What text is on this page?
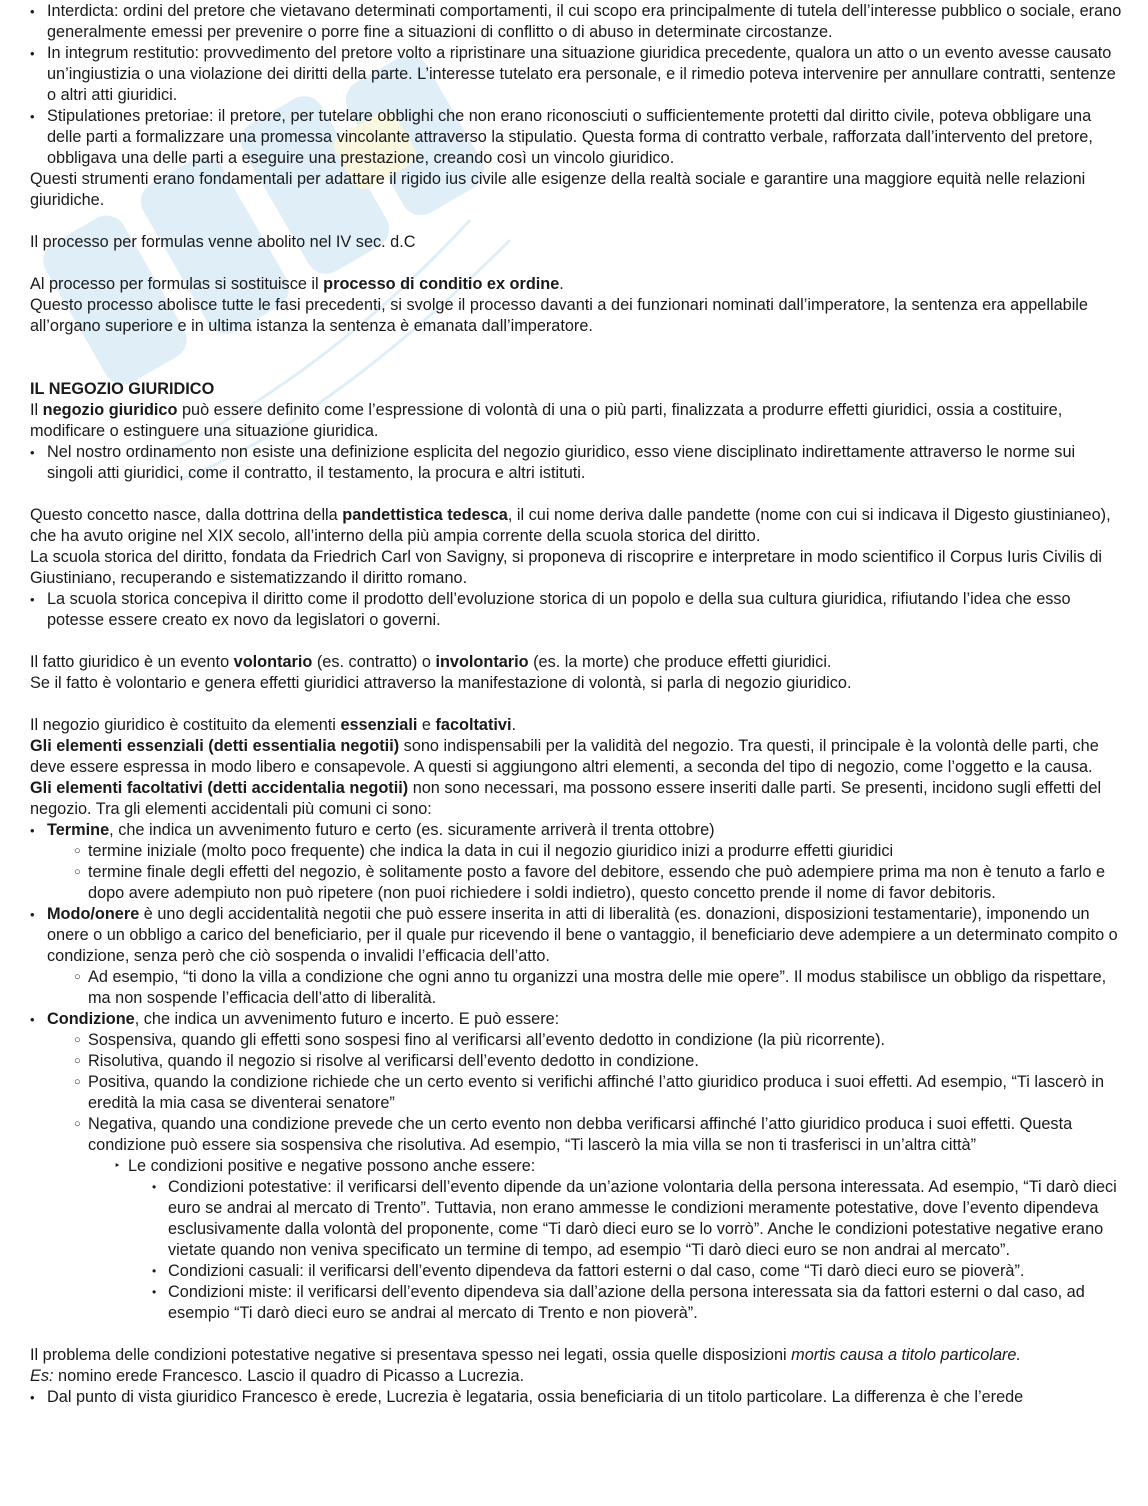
• Interdicta: ordini del pretore che vietavano determinati comportamenti, il cui scopo era principalmente di tutela dell’interesse pubblico o sociale, erano generalmente emessi per prevenire o porre fine a situazioni di conflitto o di abuso in determinate circostanze.
• In integrum restitutio: provvedimento del pretore volto a ripristinare una situazione giuridica precedente, qualora un atto o un evento avesse causato un’ingiustizia o una violazione dei diritti della parte. L’interesse tutelato era personale, e il rimedio poteva intervenire per annullare contratti, sentenze o altri atti giuridici.
• Stipulationes pretoriae: il pretore, per tutelare obblighi che non erano riconosciuti o sufficientemente protetti dal diritto civile, poteva obbligare una delle parti a formalizzare una promessa vincolante attraverso la stipulatio. Questa forma di contratto verbale, rafforzata dall’intervento del pretore, obbligava una delle parti a eseguire una prestazione, creando così un vincolo giuridico.

Questi strumenti erano fondamentali per adattare il rigido ius civile alle esigenze della realtà sociale e garantire una maggiore equità nelle relazioni giuridiche.

Il processo per formulas venne abolito nel IV sec. d.C

Al processo per formulas si sostituisce il processo di conditio ex ordine.

Questo processo abolisce tutte le fasi precedenti, si svolge il processo davanti a dei funzionari nominati dall’imperatore, la sentenza era appellabile all’organo superiore e in ultima istanza la sentenza è emanata dall’imperatore.

IL NEGOZIO GIURIDICO

Il negozio giuridico può essere definito come l’espressione di volontà di una o più parti, finalizzata a produrre effetti giuridici, ossia a costituire, modificare o estinguere una situazione giuridica.

• Nel nostro ordinamento non esiste una definizione esplicita del negozio giuridico, esso viene disciplinato indirettamente attraverso le norme sui singoli atti giuridici, come il contratto, il testamento, la procura e altri istituti.

Questo concetto nasce, dalla dottrina della pandettistica tedesca, il cui nome deriva dalle pandette (nome con cui si indicava il Digesto giustinianeo), che ha avuto origine nel XIX secolo, all’interno della più ampia corrente della scuola storica del diritto.

La scuola storica del diritto, fondata da Friedrich Carl von Savigny, si proponeva di riscoprire e interpretare in modo scientifico il Corpus Iuris Civilis di Giustiniano, recuperando e sistematizzando il diritto romano.

• La scuola storica concepiva il diritto come il prodotto dell’evoluzione storica di un popolo e della sua cultura giuridica, rifiutando l’idea che esso potesse essere creato ex novo da legislatori o governi.

Il fatto giuridico è un evento volontario (es. contratto) o involontario (es. la morte) che produce effetti giuridici.

Se il fatto è volontario e genera effetti giuridici attraverso la manifestazione di volontà, si parla di negozio giuridico.

Il negozio giuridico è costituito da elementi essenziali e facoltativi.

Gli elementi essenziali (detti essentialia negotii) sono indispensabili per la validità del negozio. Tra questi, il principale è la volontà delle parti, che deve essere espressa in modo libero e consapevole. A questi si aggiungono altri elementi, a seconda del tipo di negozio, come l’oggetto e la causa.

Gli elementi facoltativi (detti accidentalia negotii) non sono necessari, ma possono essere inseriti dalle parti. Se presenti, incidono sugli effetti del negozio. Tra gli elementi accidentali più comuni ci sono:

• Termine, che indica un avvenimento futuro e certo (es. sicuramente arriverà il trenta ottobre)
○ termine iniziale (molto poco frequente) che indica la data in cui il negozio giuridico inizi a produrre effetti giuridici
○ termine finale degli effetti del negozio, è solitamente posto a favore del debitore, essendo che può adempiere prima ma non è tenuto a farlo e dopo avere adempiuto non può ripetere (non puoi richiedere i soldi indietro), questo concetto prende il nome di favor debitoris.
• Modo/onere è uno degli accidentalità negotii che può essere inserita in atti di liberalità (es. donazioni, disposizioni testamentarie), imponendo un onere o un obbligo a carico del beneficiario, per il quale pur ricevendo il bene o vantaggio, il beneficiario deve adempiere a un determinato compito o condizione, senza però che ciò sospenda o invalidi l’efficacia dell’atto.
○ Ad esempio, “ti dono la villa a condizione che ogni anno tu organizzi una mostra delle mie opere”. Il modus stabilisce un obbligo da rispettare, ma non sospende l’efficacia dell’atto di liberalità.
• Condizione, che indica un avvenimento futuro e incerto. E può essere:
○ Sospensiva, quando gli effetti sono sospesi fino al verificarsi all’evento dedotto in condizione (la più ricorrente).
○ Risolutiva, quando il negozio si risolve al verificarsi dell’evento dedotto in condizione.
○ Positiva, quando la condizione richiede che un certo evento si verifichi affinché l’atto giuridico produca i suoi effetti. Ad esempio, “Ti lascerò in eredità la mia casa se diventerai senatore”
○ Negativa, quando una condizione prevede che un certo evento non debba verificarsi affinché l’atto giuridico produca i suoi effetti. Questa condizione può essere sia sospensiva che risolutiva. Ad esempio, “Ti lascerò la mia villa se non ti trasferisci in un’altra città”
‣ Le condizioni positive e negative possono anche essere:
• Condizioni potestative: il verificarsi dell’evento dipende da un’azione volontaria della persona interessata. Ad esempio, “Ti darò dieci euro se andrai al mercato di Trento”. Tuttavia, non erano ammesse le condizioni meramente potestative, dove l’evento dipendeva esclusivamente dalla volontà del proponente, come “Ti darò dieci euro se lo vorrò”. Anche le condizioni potestative negative erano vietate quando non veniva specificato un termine di tempo, ad esempio “Ti darò dieci euro se non andrai al mercato”.
• Condizioni casuali: il verificarsi dell’evento dipendeva da fattori esterni o dal caso, come “Ti darò dieci euro se pioverà”.
• Condizioni miste: il verificarsi dell’evento dipendeva sia dall’azione della persona interessata sia da fattori esterni o dal caso, ad esempio “Ti darò dieci euro se andrai al mercato di Trento e non pioverà”.

Il problema delle condizioni potestative negative si presentava spesso nei legati, ossia quelle disposizioni mortis causa a titolo particolare.

Es: nomino erede Francesco. Lascio il quadro di Picasso a Lucrezia.

• Dal punto di vista giuridico Francesco è erede, Lucrezia è legataria, ossia beneficiaria di un titolo particolare. La differenza è che l’erede
